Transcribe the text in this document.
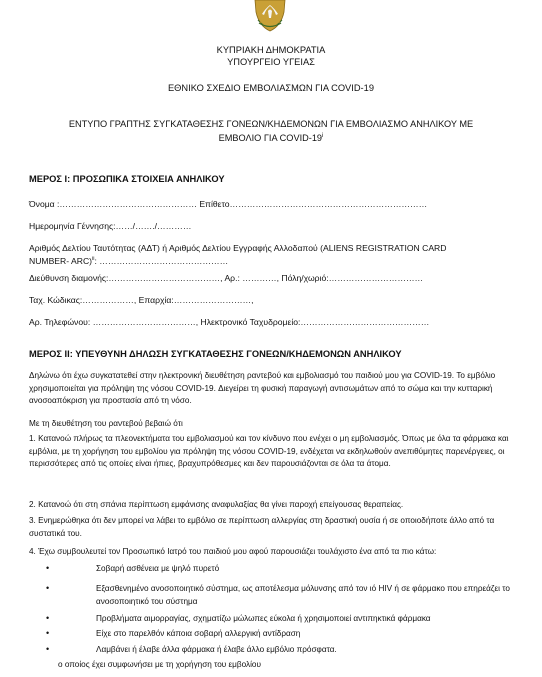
ΚΥΠΡΙΑΚΗ ΔΗΜΟΚΡΑΤΙΑ
ΥΠΟΥΡΓΕΙΟ ΥΓΕΙΑΣ
ΕΘΝΙΚΟ ΣΧΕΔΙΟ ΕΜΒΟΛΙΑΣΜΩΝ ΓΙΑ COVID-19
ΕΝΤΥΠΟ ΓΡΑΠΤΗΣ ΣΥΓΚΑΤΑΘΕΣΗΣ ΓΟΝΕΩΝ/ΚΗΔΕΜΟΝΩΝ ΓΙΑ ΕΜΒΟΛΙΑΣΜΟ ΑΝΗΛΙΚΟΥ ΜΕ
ΕΜΒΟΛΙΟ ΓΙΑ COVID-19$^i$
ΜΕΡΟΣ Ι: ΠΡΟΣΩΠΙΚΑ ΣΤΟΙΧΕΙΑ ΑΝΗΛΙΚΟΥ
Όνομα :………………………………………… Επίθετο……………………………………………………………
Ημερομηνία Γέννησης:……/……./…………
Αριθμός Δελτίου Ταυτότητας (ΑΔΤ) ή Αριθμός Δελτίου Εγγραφής Αλλοδαπού (ALIENS REGISTRATION CARD
NUMBER- ARC)$^{ii}$: ………………………………………
Διεύθυνση διαμονής:…………………………………, Αρ.: …………, Πόλη/χωριό:……………………………
Ταχ. Κώδικας:………………, Επαρχία:………………………,
Αρ. Τηλεφώνου: ………………………………, Ηλεκτρονικό Ταχυδρομείο:………………………………………
ΜΕΡΟΣ ΙΙ: ΥΠΕΥΘΥΝΗ ΔΗΛΩΣΗ ΣΥΓΚΑΤΑΘΕΣΗΣ ΓΟΝΕΩΝ/ΚΗΔΕΜΟΝΩΝ ΑΝΗΛΙΚΟΥ
Δηλώνω ότι έχω συγκατατεθεί στην ηλεκτρονική διευθέτηση ραντεβού και εμβολιασμό του παιδιού μου για COVID-19. Το εμβόλιο χρησιμοποιείται για πρόληψη της νόσου COVID-19. Διεγείρει τη φυσική παραγωγή αντισωμάτων από το σώμα και την κυτταρική ανοσοαπόκριση για προστασία από τη νόσο.
Με τη διευθέτηση του ραντεβού βεβαιώ ότι
1. Κατανοώ πλήρως τα πλεονεκτήματα του εμβολιασμού και τον κίνδυνο που ενέχει ο μη εμβολιασμός. Όπως με όλα τα φάρμακα και εμβόλια, με τη χορήγηση του εμβολίου για πρόληψη της νόσου COVID-19, ενδέχεται να εκδηλωθούν ανεπιθύμητες παρενέργειες, οι περισσότερες από τις οποίες είναι ήπιες, βραχυπρόθεσμες και δεν παρουσιάζονται σε όλα τα άτομα.
2. Κατανοώ ότι στη σπάνια περίπτωση εμφάνισης αναφυλαξίας θα γίνει παροχή επείγουσας θεραπείας.
3. Ενημερώθηκα ότι δεν μπορεί να λάβει το εμβόλιο σε περίπτωση αλλεργίας στη δραστική ουσία ή σε οποιοδήποτε άλλο από τα συστατικά του.
4. Έχω συμβουλευτεί τον Προσωπικό Ιατρό του παιδιού μου αφού παρουσιάζει τουλάχιστο ένα από τα πιο κάτω:
•	Σοβαρή ασθένεια με ψηλό πυρετό
•	Εξασθενημένο ανοσοποιητικό σύστημα, ως αποτέλεσμα μόλυνσης από τον ιό HIV ή σε φάρμακο που επηρεάζει το ανοσοποιητικό του σύστημα
•	Προβλήματα αιμορραγίας, σχηματίζω μώλωπες εύκολα ή χρησιμοποιεί αντιπηκτικά φάρμακα
•	Είχε στο παρελθόν κάποια σοβαρή αλλεργική αντίδραση
•	Λαμβάνει ή έλαβε άλλα φάρμακα ή έλαβε άλλο εμβόλιο πρόσφατα.
ο οποίος έχει συμφωνήσει με τη χορήγηση του εμβολίου
